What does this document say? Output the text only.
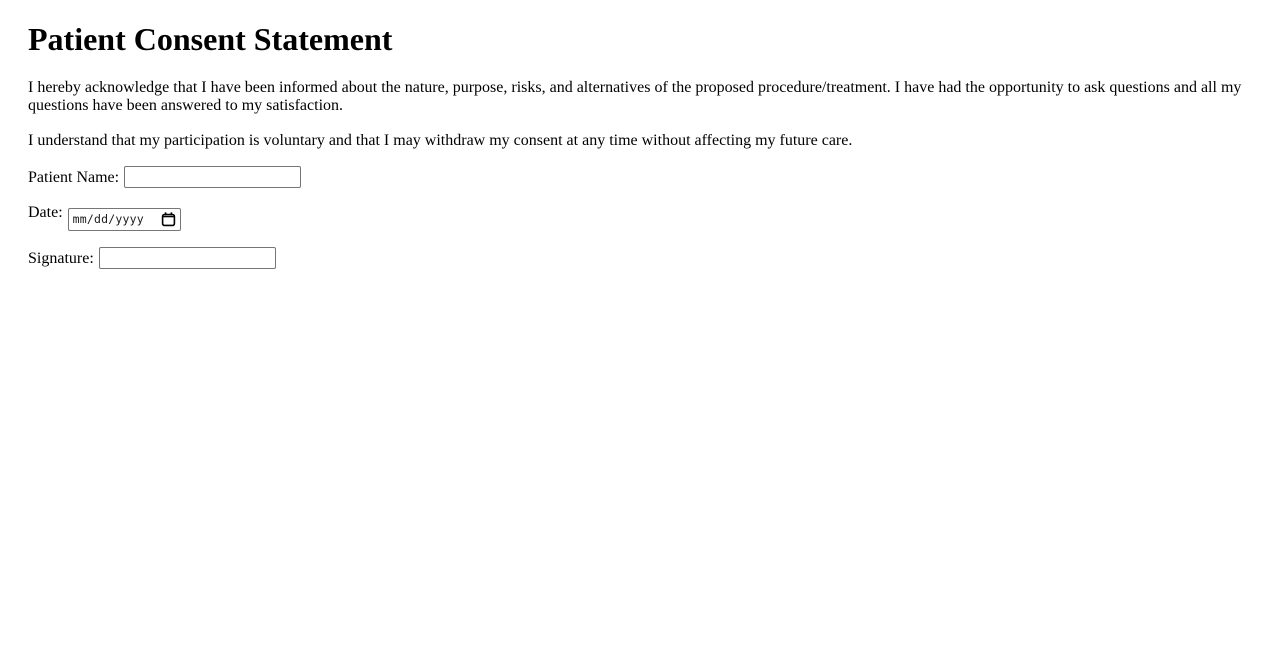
Patient Consent Statement

I hereby acknowledge that I have been informed about the nature, purpose, risks, and alternatives of the proposed procedure/treatment. I have had the opportunity to ask questions and all my questions have been answered to my satisfaction.

I understand that my participation is voluntary and that I may withdraw my consent at any time without affecting my future care.

Patient Name:

Date: mm/dd/yyyy

Signature:
